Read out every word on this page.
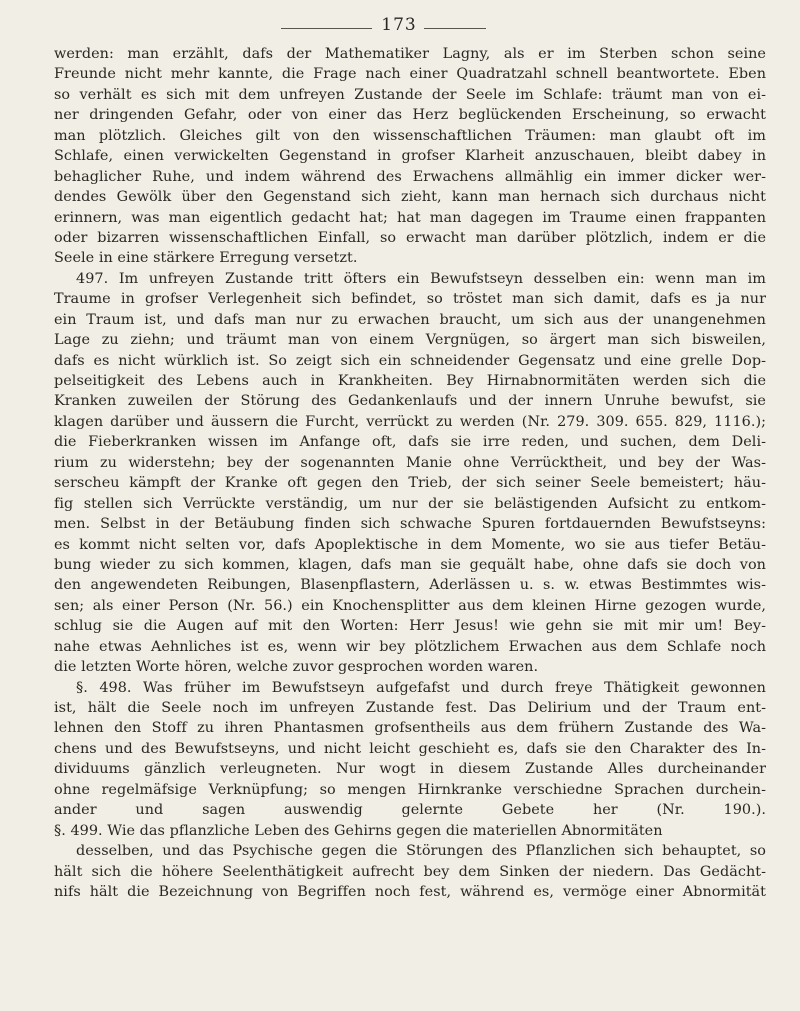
173
werden: man erzählt, dafs der Mathematiker Lagny, als er im Sterben schon seine
Freunde nicht mehr kannte, die Frage nach einer Quadratzahl schnell beantwortete. Eben
so verhält es sich mit dem unfreyen Zustande der Seele im Schlafe: träumt man von ei-
ner dringenden Gefahr, oder von einer das Herz beglückenden Erscheinung, so erwacht
man plötzlich. Gleiches gilt von den wissenschaftlichen Träumen: man glaubt oft im
Schlafe, einen verwickelten Gegenstand in grofser Klarheit anzuschauen, bleibt dabey in
behaglicher Ruhe, und indem während des Erwachens allmählig ein immer dicker wer-
dendes Gewölk über den Gegenstand sich zieht, kann man hernach sich durchaus nicht
erinnern, was man eigentlich gedacht hat; hat man dagegen im Traume einen frappanten
oder bizarren wissenschaftlichen Einfall, so erwacht man darüber plötzlich, indem er die
Seele in eine stärkere Erregung versetzt.
497. Im unfreyen Zustande tritt öfters ein Bewufstseyn desselben ein: wenn man im
Traume in grofser Verlegenheit sich befindet, so tröstet man sich damit, dafs es ja nur
ein Traum ist, und dafs man nur zu erwachen braucht, um sich aus der unangenehmen
Lage zu ziehn; und träumt man von einem Vergnügen, so ärgert man sich bisweilen,
dafs es nicht würklich ist. So zeigt sich ein schneidender Gegensatz und eine grelle Dop-
pelseitigkeit des Lebens auch in Krankheiten. Bey Hirnabnormitäten werden sich die
Kranken zuweilen der Störung des Gedankenlaufs und der innern Unruhe bewufst, sie
klagen darüber und äussern die Furcht, verrückt zu werden (Nr. 279. 309. 655. 829, 1116.);
die Fieberkranken wissen im Anfange oft, dafs sie irre reden, und suchen, dem Deli-
rium zu widerstehn; bey der sogenannten Manie ohne Verrücktheit, und bey der Was-
serscheu kämpft der Kranke oft gegen den Trieb, der sich seiner Seele bemeistert; häu-
fig stellen sich Verrückte verständig, um nur der sie belästigenden Aufsicht zu entkom-
men. Selbst in der Betäubung finden sich schwache Spuren fortdauernden Bewufstseyns:
es kommt nicht selten vor, dafs Apoplektische in dem Momente, wo sie aus tiefer Betäu-
bung wieder zu sich kommen, klagen, dafs man sie gequält habe, ohne dafs sie doch von
den angewendeten Reibungen, Blasenpflastern, Aderlässen u. s. w. etwas Bestimmtes wis-
sen; als einer Person (Nr. 56.) ein Knochensplitter aus dem kleinen Hirne gezogen wurde,
schlug sie die Augen auf mit den Worten: Herr Jesus! wie gehn sie mit mir um! Bey-
nahe etwas Aehnliches ist es, wenn wir bey plötzlichem Erwachen aus dem Schlafe noch
die letzten Worte hören, welche zuvor gesprochen worden waren.
§. 498. Was früher im Bewufstseyn aufgefafst und durch freye Thätigkeit gewonnen
ist, hält die Seele noch im unfreyen Zustande fest. Das Delirium und der Traum ent-
lehnen den Stoff zu ihren Phantasmen grofsentheils aus dem frühern Zustande des Wa-
chens und des Bewufstseyns, und nicht leicht geschieht es, dafs sie den Charakter des In-
dividuums gänzlich verleugneten. Nur wogt in diesem Zustande Alles durcheinander
ohne regelmäfsige Verknüpfung; so mengen Hirnkranke verschiedne Sprachen durchein-
ander und sagen auswendig gelernte Gebete her (Nr. 190.).
§. 499. Wie das pflanzliche Leben des Gehirns gegen die materiellen Abnormitäten
desselben, und das Psychische gegen die Störungen des Pflanzlichen sich behauptet, so
hält sich die höhere Seelenthätigkeit aufrecht bey dem Sinken der niedern. Das Gedächt-
nifs hält die Bezeichnung von Begriffen noch fest, während es, vermöge einer Abnormität
